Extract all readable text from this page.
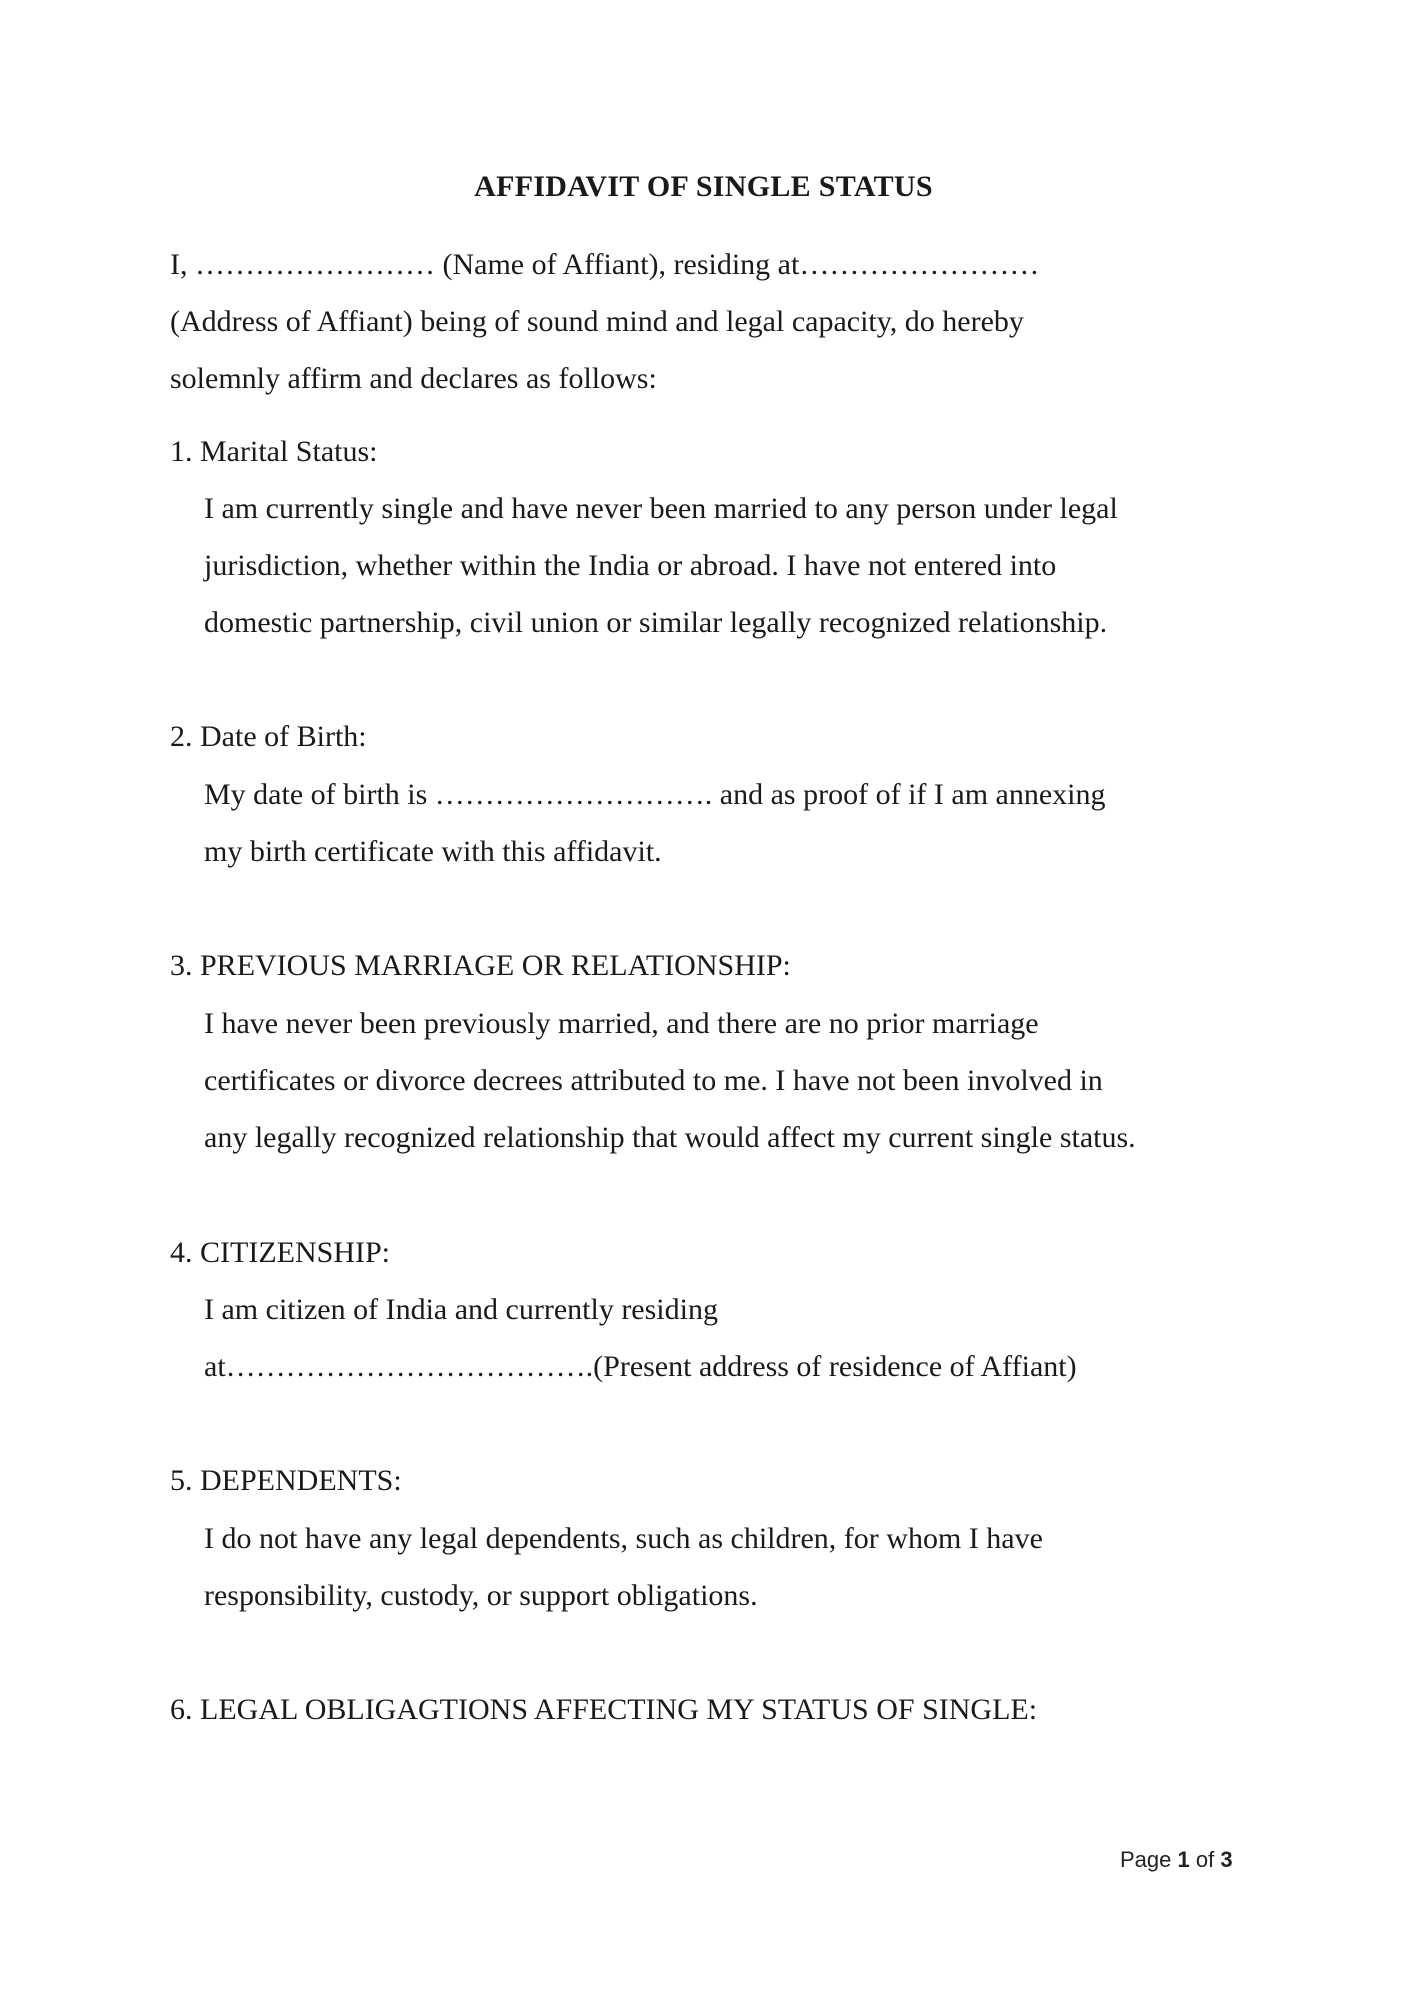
AFFIDAVIT OF SINGLE STATUS
I, …………………… (Name of Affiant), residing at……………………
(Address of Affiant) being of sound mind and legal capacity, do hereby
solemnly affirm and declares as follows:
1. Marital Status:
I am currently single and have never been married to any person under legal
jurisdiction, whether within the India or abroad. I have not entered into
domestic partnership, civil union or similar legally recognized relationship.
2. Date of Birth:
My date of birth is ………………………. and as proof of if I am annexing
my birth certificate with this affidavit.
3. PREVIOUS MARRIAGE OR RELATIONSHIP:
I have never been previously married, and there are no prior marriage
certificates or divorce decrees attributed to me. I have not been involved in
any legally recognized relationship that would affect my current single status.
4. CITIZENSHIP:
I am citizen of India and currently residing
at……………………………….(Present address of residence of Affiant)
5. DEPENDENTS:
I do not have any legal dependents, such as children, for whom I have
responsibility, custody, or support obligations.
6. LEGAL OBLIGAGTIONS AFFECTING MY STATUS OF SINGLE:
Page 1 of 3
